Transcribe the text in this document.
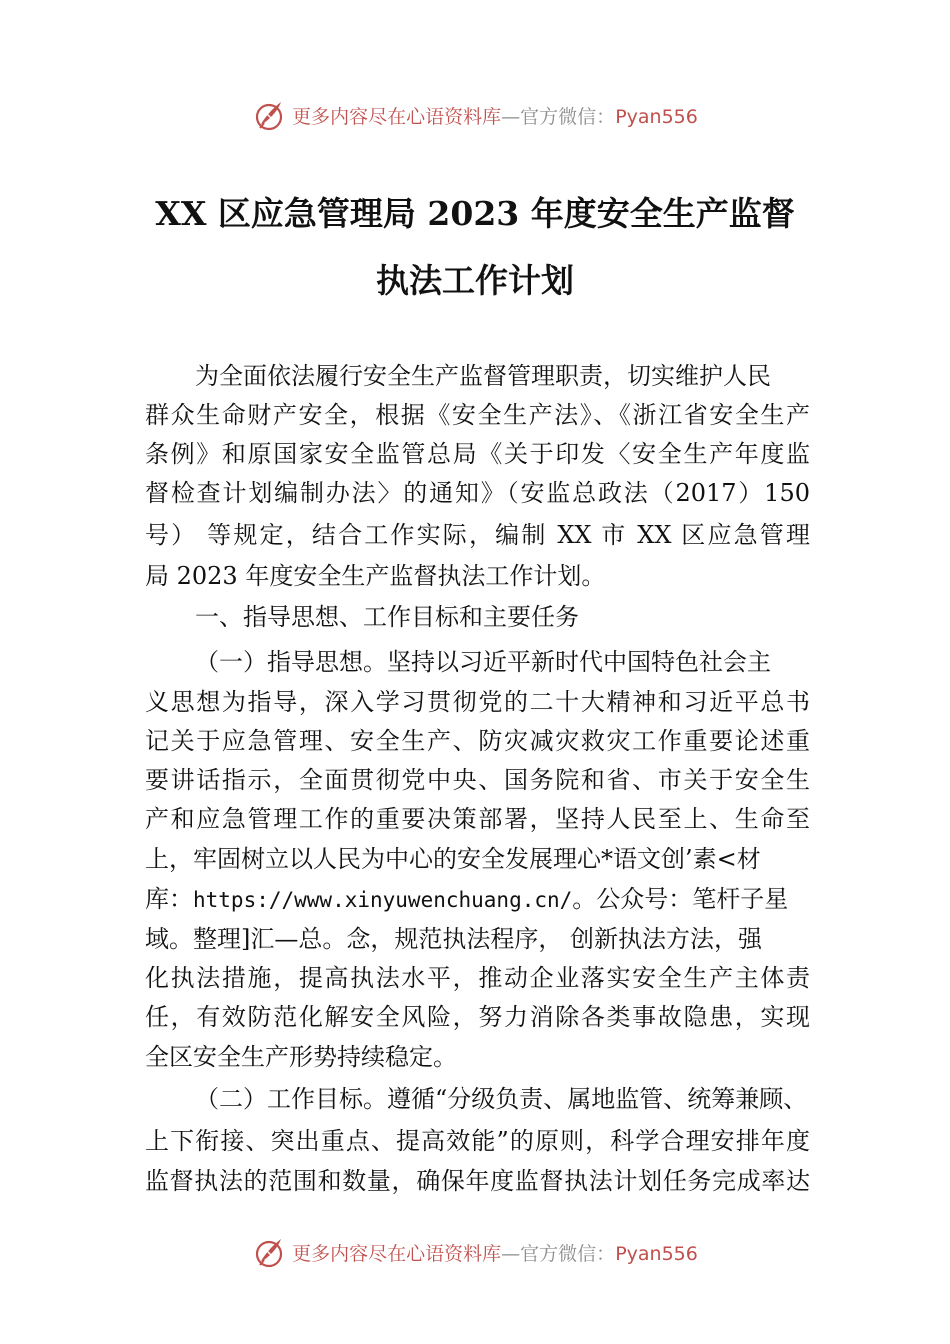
更多内容尽在心语资料库—官方微信：Pyan556
XX 区应急管理局 2023 年度安全生产监督
执法工作计划
为全面依法履行安全生产监督管理职责，切实维护人民
群众生命财产安全，根据《安全生产法》、《浙江省安全生产
条例》和原国家安全监管总局《关于印发〈安全生产年度监
督检查计划编制办法〉的通知》（安监总政法（2017）150
号） 等规定，结合工作实际，编制 XX 市 XX 区应急管理
局 2023 年度安全生产监督执法工作计划。
一、指导思想、工作目标和主要任务
（一）指导思想。坚持以习近平新时代中国特色社会主
义思想为指导，深入学习贯彻党的二十大精神和习近平总书
记关于应急管理、安全生产、防灾减灾救灾工作重要论述重
要讲话指示，全面贯彻党中央、国务院和省、市关于安全生
产和应急管理工作的重要决策部署，坚持人民至上、生命至
上，牢固树立以人民为中心的安全发展理心*语文创’素<材
库：https://www.xinyuwenchuang.cn/。公众号：笔杆子星
域。整理]汇—总。念，规范执法程序， 创新执法方法，强
化执法措施，提高执法水平，推动企业落实安全生产主体责
任，有效防范化解安全风险，努力消除各类事故隐患，实现
全区安全生产形势持续稳定。
（二）工作目标。遵循“分级负责、属地监管、统筹兼顾、
上下衔接、突出重点、提高效能”的原则，科学合理安排年度
监督执法的范围和数量，确保年度监督执法计划任务完成率达
更多内容尽在心语资料库—官方微信：Pyan556
